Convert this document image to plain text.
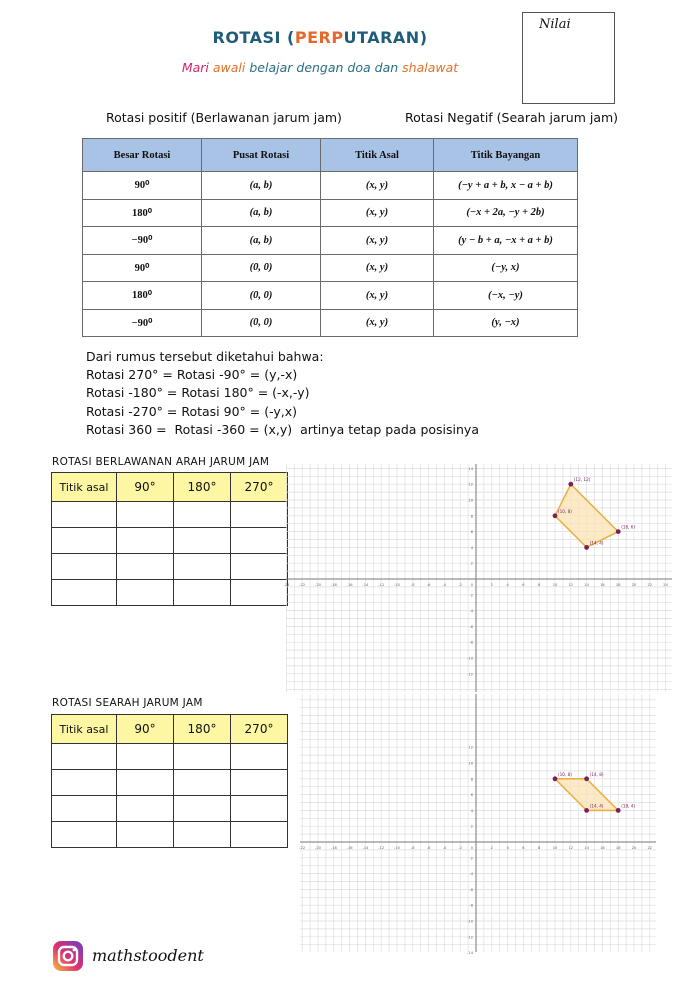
ROTASI (PERPUTARAN)
Mari awali belajar dengan doa dan shalawat
Nilai
Rotasi positif (Berlawanan jarum jam)	Rotasi Negatif (Searah jarum jam)
Besar Rotasi	Pusat Rotasi	Titik Asal	Titik Bayangan
90⁰	(a, b)	(x, y)	(−y + a + b, x − a + b)
180⁰	(a, b)	(x, y)	(−x + 2a, −y + 2b)
−90⁰	(a, b)	(x, y)	(y − b + a, −x + a + b)
90⁰	(0, 0)	(x, y)	(−y, x)
180⁰	(0, 0)	(x, y)	(−x, −y)
−90⁰	(0, 0)	(x, y)	(y, −x)
Dari rumus tersebut diketahui bahwa:
Rotasi 270° = Rotasi -90° = (y,-x)
Rotasi -180° = Rotasi 180° = (-x,-y)
Rotasi -270° = Rotasi 90° = (-y,x)
Rotasi 360 =  Rotasi -360 = (x,y)  artinya tetap pada posisinya
ROTASI BERLAWANAN ARAH JARUM JAM
Titik asal	90°	180°	270°

-24	-22	-20	-18	-16	-14	-12	-10	-8	-6	-4	-2	2	4	6	8	10	12	14	16	18	20	22	24
-12
-10
-8
-6
-4
-2
2
4
6
8
10
12
14
0
(12, 12)
(10, 8)
(14, 4)
(18, 6)
ROTASI SEARAH JARUM JAM
Titik asal	90°	180°	270°

-22	-20	-18	-16	-14	-12	-10	-8	-6	-4	-2	2	4	6	8	10	12	14	16	18	20	22
-14
-12
-10
-8
-6
-4
-2
2
4
6
8
10
12
0
(10, 8)	(14, 8)
(18, 4)
(14, 4)
mathstoodent
